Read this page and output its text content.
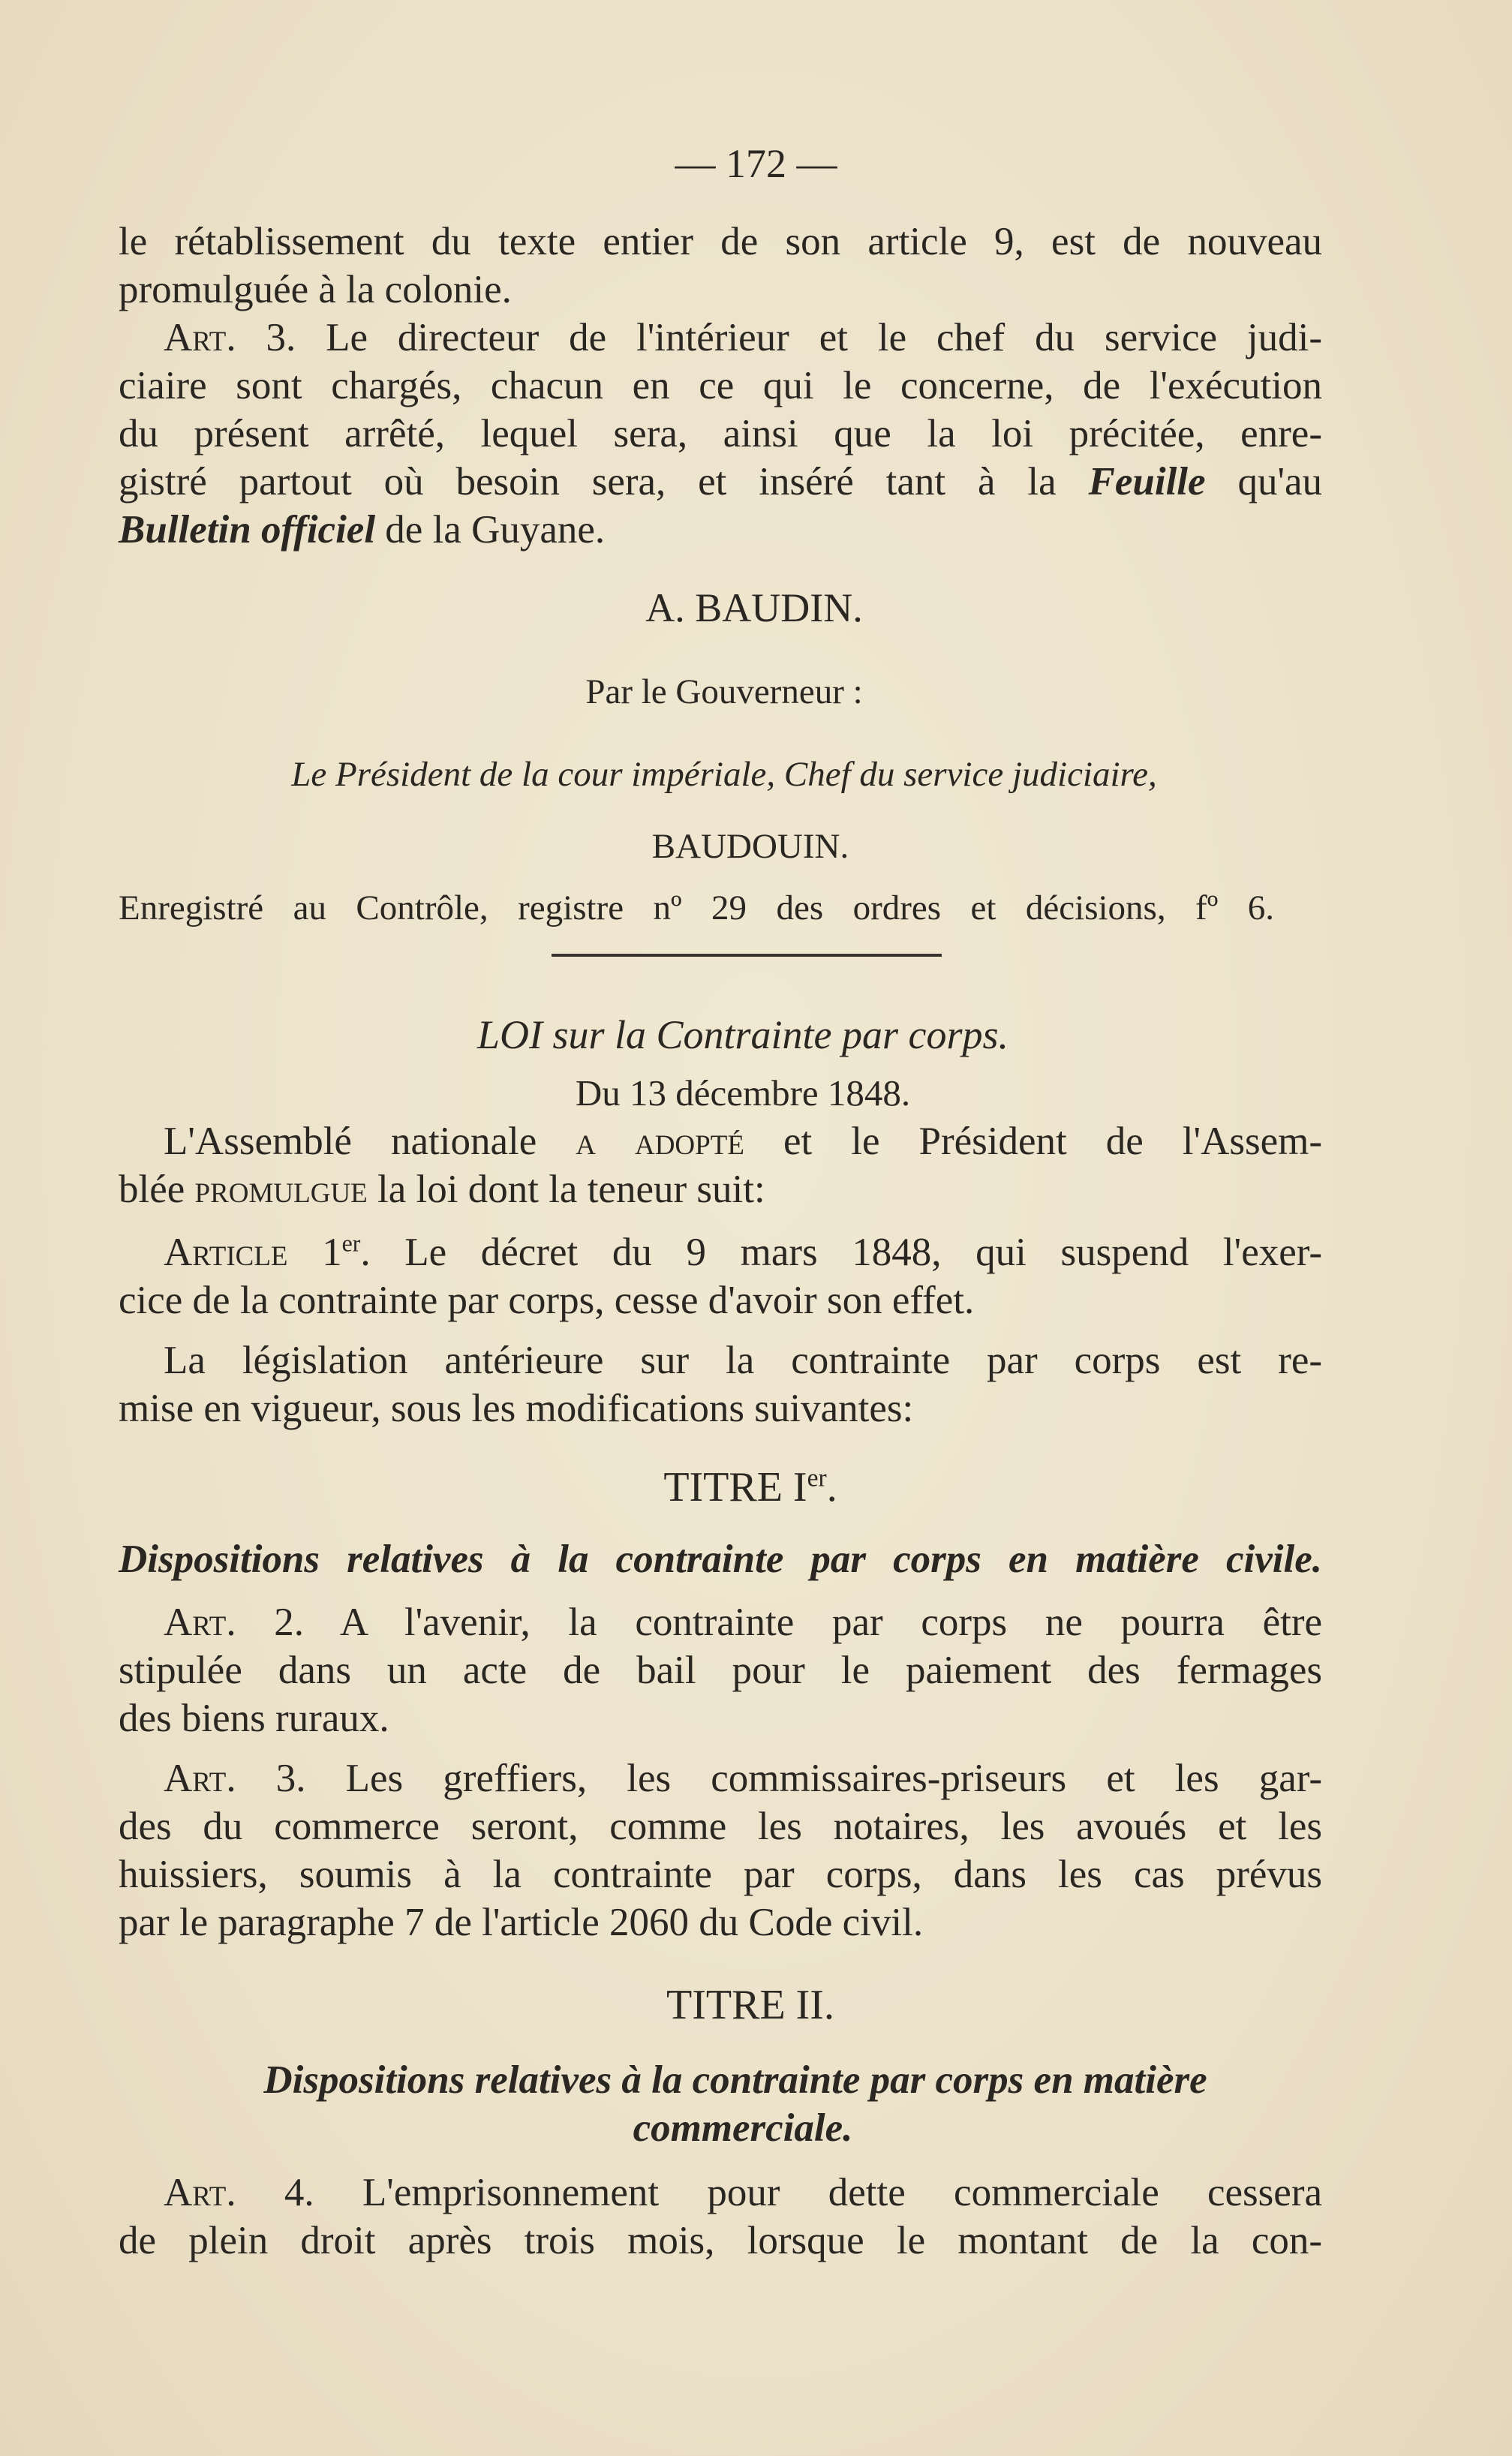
— 172 —
le rétablissement du texte entier de son article 9, est de nouveau
promulguée à la colonie.
Art. 3. Le directeur de l'intérieur et le chef du service judi-
ciaire sont chargés, chacun en ce qui le concerne, de l'exécution
du présent arrêté, lequel sera, ainsi que la loi précitée, enre-
gistré partout où besoin sera, et inséré tant à la Feuille qu'au
Bulletin officiel de la Guyane.
A. BAUDIN.
Par le Gouverneur :
Le Président de la cour impériale, Chef du service judiciaire,
BAUDOUIN.
Enregistré au Contrôle, registre nº 29 des ordres et décisions, fº 6.
LOI sur la Contrainte par corps.
Du 13 décembre 1848.
L'Assemblé nationale a adopté et le Président de l'Assem-
blée promulgue la loi dont la teneur suit:
Article 1er. Le décret du 9 mars 1848, qui suspend l'exer-
cice de la contrainte par corps, cesse d'avoir son effet.
La législation antérieure sur la contrainte par corps est re-
mise en vigueur, sous les modifications suivantes:
TITRE Ier.
Dispositions relatives à la contrainte par corps en matière civile.
Art. 2. A l'avenir, la contrainte par corps ne pourra être
stipulée dans un acte de bail pour le paiement des fermages
des biens ruraux.
Art. 3. Les greffiers, les commissaires-priseurs et les gar-
des du commerce seront, comme les notaires, les avoués et les
huissiers, soumis à la contrainte par corps, dans les cas prévus
par le paragraphe 7 de l'article 2060 du Code civil.
TITRE II.
Dispositions relatives à la contrainte par corps en matière
commerciale.
Art. 4. L'emprisonnement pour dette commerciale cessera
de plein droit après trois mois, lorsque le montant de la con-
